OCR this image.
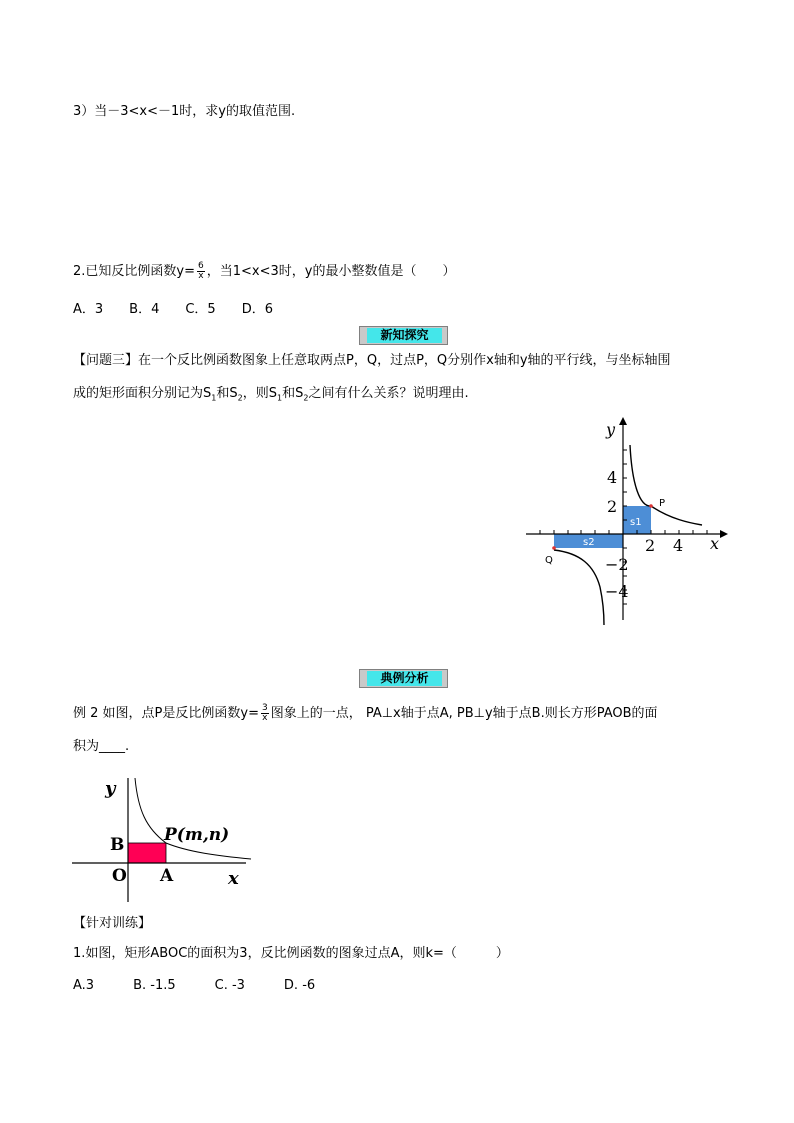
3）当－3<x<－1时，求y的取值范围.
2.已知反比例函数$y= \frac{6}{x}$ ，当1<x<3时，y的最小整数值是（　　）
A．3　　B．4　　C．5　　D．6
新知探究
【问题三】在一个反比例函数图象上任意取两点P，Q，过点P，Q分别作x轴和y轴的平行线，与坐标轴围
成的矩形面积分别记为$S_1$和$S_2$，则$S_1$和$S_2$之间有什么关系？说明理由.
s1
s2
P
Q
y
x
4
2
2 4
−2
−4
典例分析
例 2 如图，点P是反比例函数$y= \frac{3}{x}$ 图象上的一点， PA⊥x轴于点A, PB⊥y轴于点B.则长方形PAOB的面
积为____.
y
B
O A
P(m,n)
x
【针对训练】
1.如图，矩形ABOC的面积为3，反比例函数的图象过点A，则k=（　　　）
A.3　　　B. -1.5　　　C. -3　　　D. -6
